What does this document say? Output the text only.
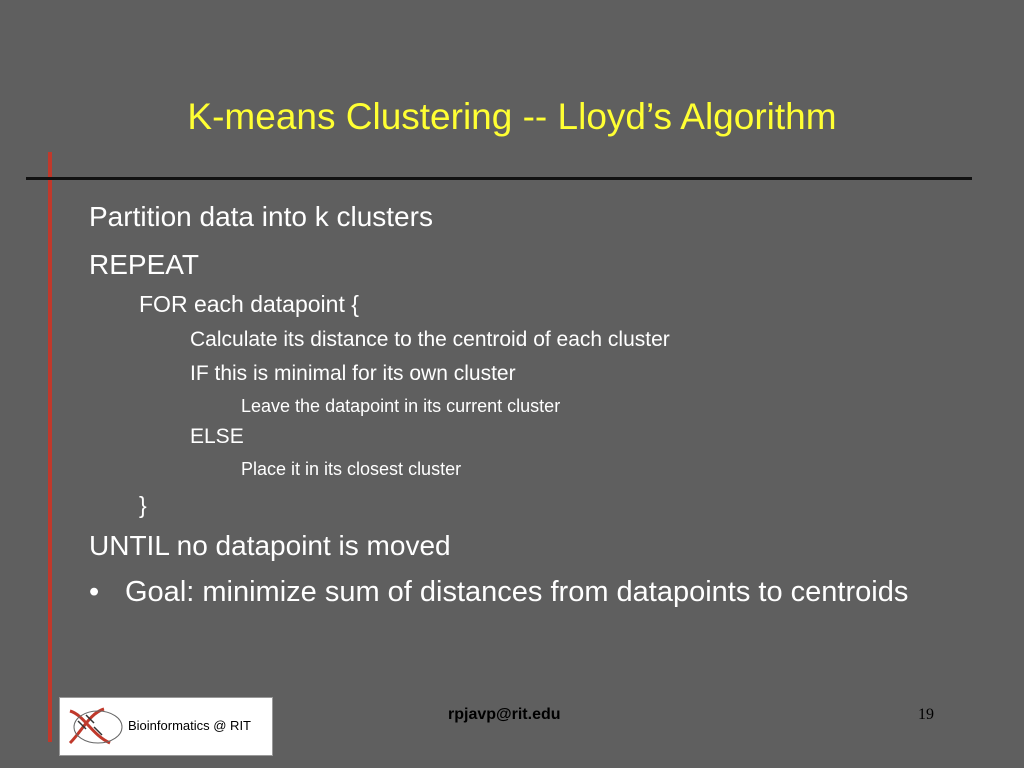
K-means Clustering -- Lloyd’s Algorithm
Partition data into k clusters
REPEAT
FOR each datapoint {
Calculate its distance to the centroid of each cluster
IF this is minimal for its own cluster
Leave the datapoint in its current cluster
ELSE
Place it in its closest cluster
}
UNTIL no datapoint is moved
• Goal: minimize sum of distances from datapoints to centroids
Bioinformatics @ RIT
rpjavp@rit.edu	19
